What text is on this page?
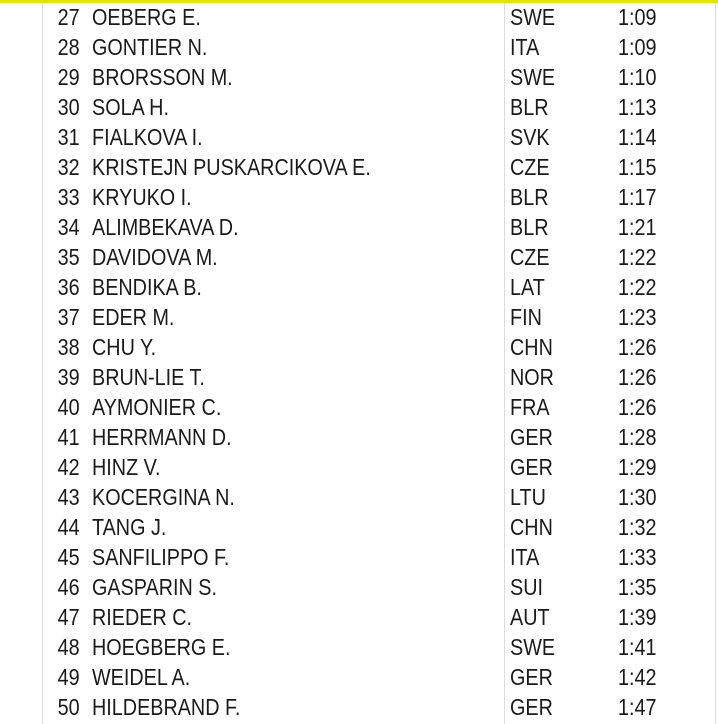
27	OEBERG E.	SWE	1:09
28	GONTIER N.	ITA	1:09
29	BRORSSON M.	SWE	1:10
30	SOLA H.	BLR	1:13
31	FIALKOVA I.	SVK	1:14
32	KRISTEJN PUSKARCIKOVA E.	CZE	1:15
33	KRYUKO I.	BLR	1:17
34	ALIMBEKAVA D.	BLR	1:21
35	DAVIDOVA M.	CZE	1:22
36	BENDIKA B.	LAT	1:22
37	EDER M.	FIN	1:23
38	CHU Y.	CHN	1:26
39	BRUN-LIE T.	NOR	1:26
40	AYMONIER C.	FRA	1:26
41	HERRMANN D.	GER	1:28
42	HINZ V.	GER	1:29
43	KOCERGINA N.	LTU	1:30
44	TANG J.	CHN	1:32
45	SANFILIPPO F.	ITA	1:33
46	GASPARIN S.	SUI	1:35
47	RIEDER C.	AUT	1:39
48	HOEGBERG E.	SWE	1:41
49	WEIDEL A.	GER	1:42
50	HILDEBRAND F.	GER	1:47
